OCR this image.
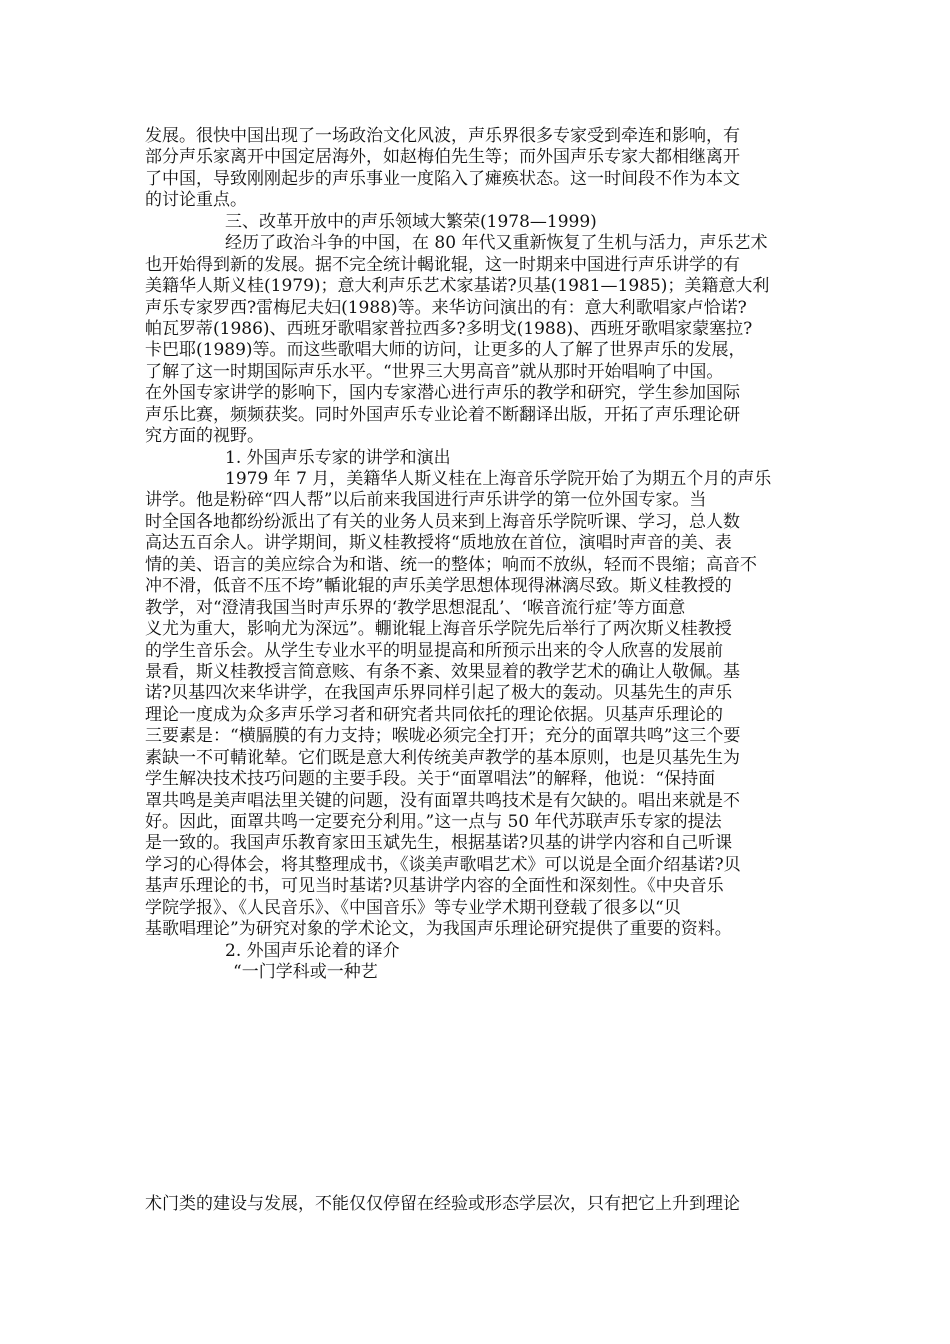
发展。很快中国出现了一场政治文化风波，声乐界很多专家受到牵连和影响，有
部分声乐家离开中国定居海外，如赵梅伯先生等；而外国声乐专家大都相继离开
了中国，导致刚刚起步的声乐事业一度陷入了瘫痪状态。这一时间段不作为本文
的讨论重点。
三、改革开放中的声乐领域大繁荣(1978—1999)
经历了政治斗争的中国，在 80 年代又重新恢复了生机与活力，声乐艺术
也开始得到新的发展。据不完全统计輵讹辊，这一时期来中国进行声乐讲学的有
美籍华人斯义桂(1979)；意大利声乐艺术家基诺?贝基(1981—1985)；美籍意大利
声乐专家罗西?雷梅尼夫妇(1988)等。来华访问演出的有：意大利歌唱家卢恰诺?
帕瓦罗蒂(1986)、西班牙歌唱家普拉西多?多明戈(1988)、西班牙歌唱家蒙塞拉?
卡巴耶(1989)等。而这些歌唱大师的访问，让更多的人了解了世界声乐的发展，
了解了这一时期国际声乐水平。“世界三大男高音”就从那时开始唱响了中国。
在外国专家讲学的影响下，国内专家潜心进行声乐的教学和研究，学生参加国际
声乐比赛，频频获奖。同时外国声乐专业论着不断翻译出版，开拓了声乐理论研
究方面的视野。
1. 外国声乐专家的讲学和演出
1979 年 7 月，美籍华人斯义桂在上海音乐学院开始了为期五个月的声乐
讲学。他是粉碎“四人帮”以后前来我国进行声乐讲学的第一位外国专家。当
时全国各地都纷纷派出了有关的业务人员来到上海音乐学院听课、学习，总人数
高达五百余人。讲学期间，斯义桂教授将“质地放在首位，演唱时声音的美、表
情的美、语言的美应综合为和谐、统一的整体；响而不放纵，轻而不畏缩；高音不
冲不滑，低音不压不垮”輴讹辊的声乐美学思想体现得淋漓尽致。斯义桂教授的
教学，对“澄清我国当时声乐界的‘教学思想混乱’、‘喉音流行症’等方面意
义尤为重大，影响尤为深远”。輣讹辊上海音乐学院先后举行了两次斯义桂教授
的学生音乐会。从学生专业水平的明显提高和所预示出来的令人欣喜的发展前
景看，斯义桂教授言简意赅、有条不紊、效果显着的教学艺术的确让人敬佩。基
诺?贝基四次来华讲学，在我国声乐界同样引起了极大的轰动。贝基先生的声乐
理论一度成为众多声乐学习者和研究者共同依托的理论依据。贝基声乐理论的
三要素是：“横膈膜的有力支持；喉咙必须完全打开；充分的面罩共鸣”这三个要
素缺一不可輤讹辇。它们既是意大利传统美声教学的基本原则，也是贝基先生为
学生解决技术技巧问题的主要手段。关于“面罩唱法”的解释，他说：“保持面
罩共鸣是美声唱法里关键的问题，没有面罩共鸣技术是有欠缺的。唱出来就是不
好。因此，面罩共鸣一定要充分利用。”这一点与 50 年代苏联声乐专家的提法
是一致的。我国声乐教育家田玉斌先生，根据基诺?贝基的讲学内容和自己听课
学习的心得体会，将其整理成书，《谈美声歌唱艺术》可以说是全面介绍基诺?贝
基声乐理论的书，可见当时基诺?贝基讲学内容的全面性和深刻性。《中央音乐
学院学报》、《人民音乐》、《中国音乐》等专业学术期刊登载了很多以“贝
基歌唱理论”为研究对象的学术论文，为我国声乐理论研究提供了重要的资料。
2. 外国声乐论着的译介
“一门学科或一种艺
术门类的建设与发展，不能仅仅停留在经验或形态学层次，只有把它上升到理论
